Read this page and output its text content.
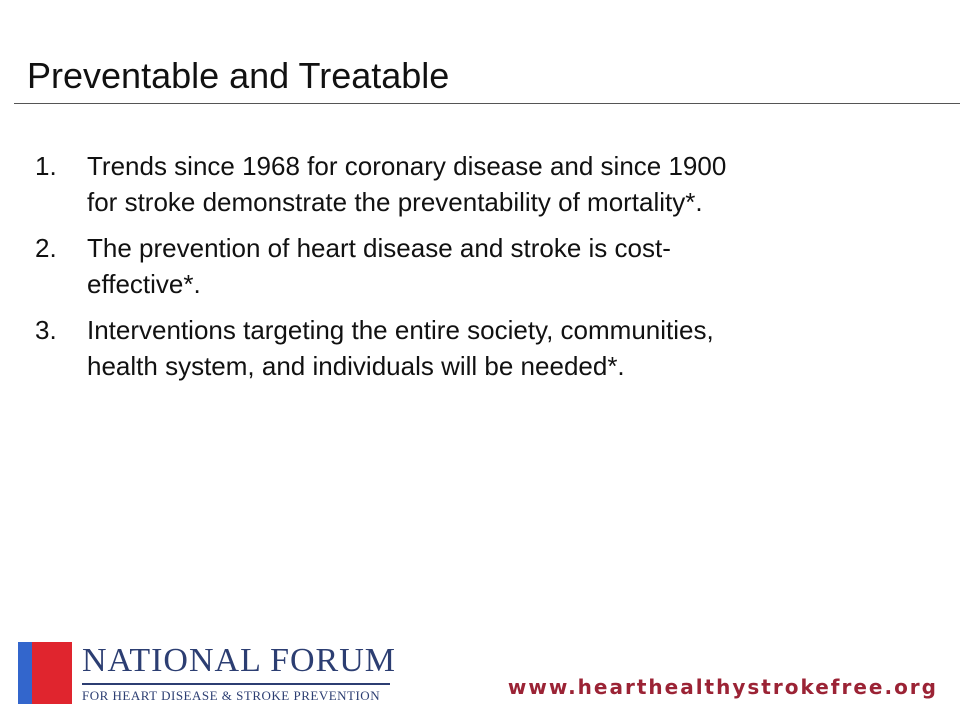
Preventable and Treatable
1.	Trends since 1968 for coronary disease and since 1900
for stroke demonstrate the preventability of mortality*.
2.	The prevention of heart disease and stroke is cost-
effective*.
3.	Interventions targeting the entire society, communities,
health system, and individuals will be needed*.
NATIONAL FORUM
FOR HEART DISEASE & STROKE PREVENTION	www.hearthealthystrokefree.org
